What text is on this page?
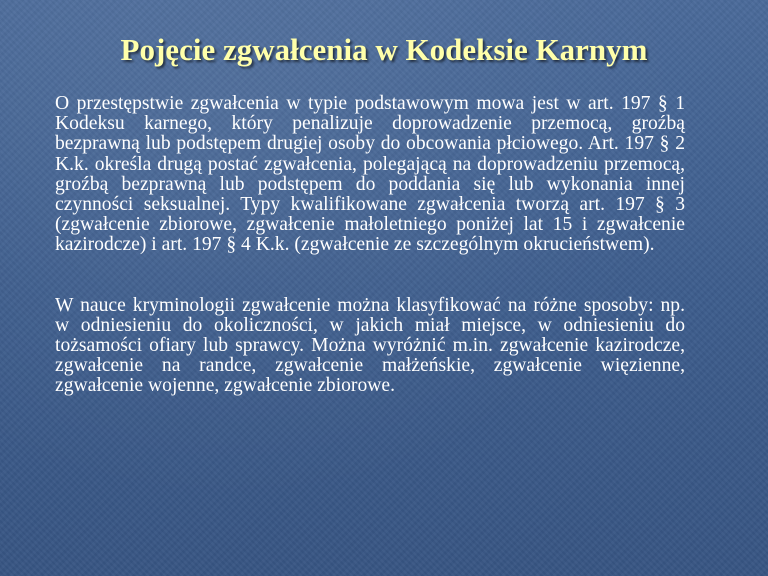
Pojęcie zgwałcenia w Kodeksie Karnym

O przestępstwie zgwałcenia w typie podstawowym mowa jest w art. 197 § 1 Kodeksu karnego, który penalizuje doprowadzenie przemocą, groźbą bezprawną lub podstępem drugiej osoby do obcowania płciowego. Art. 197 § 2 K.k. określa drugą postać zgwałcenia, polegającą na doprowadzeniu przemocą, groźbą bezprawną lub podstępem do poddania się lub wykonania innej czynności seksualnej. Typy kwalifikowane zgwałcenia tworzą art. 197 § 3 (zgwałcenie zbiorowe, zgwałcenie małoletniego poniżej lat 15 i zgwałcenie kazirodcze) i art. 197 § 4 K.k. (zgwałcenie ze szczególnym okrucieństwem).

W nauce kryminologii zgwałcenie można klasyfikować na różne sposoby: np. w odniesieniu do okoliczności, w jakich miał miejsce, w odniesieniu do tożsamości ofiary lub sprawcy. Można wyróżnić m.in. zgwałcenie kazirodcze, zgwałcenie na randce, zgwałcenie małżeńskie, zgwałcenie więzienne, zgwałcenie wojenne, zgwałcenie zbiorowe.
